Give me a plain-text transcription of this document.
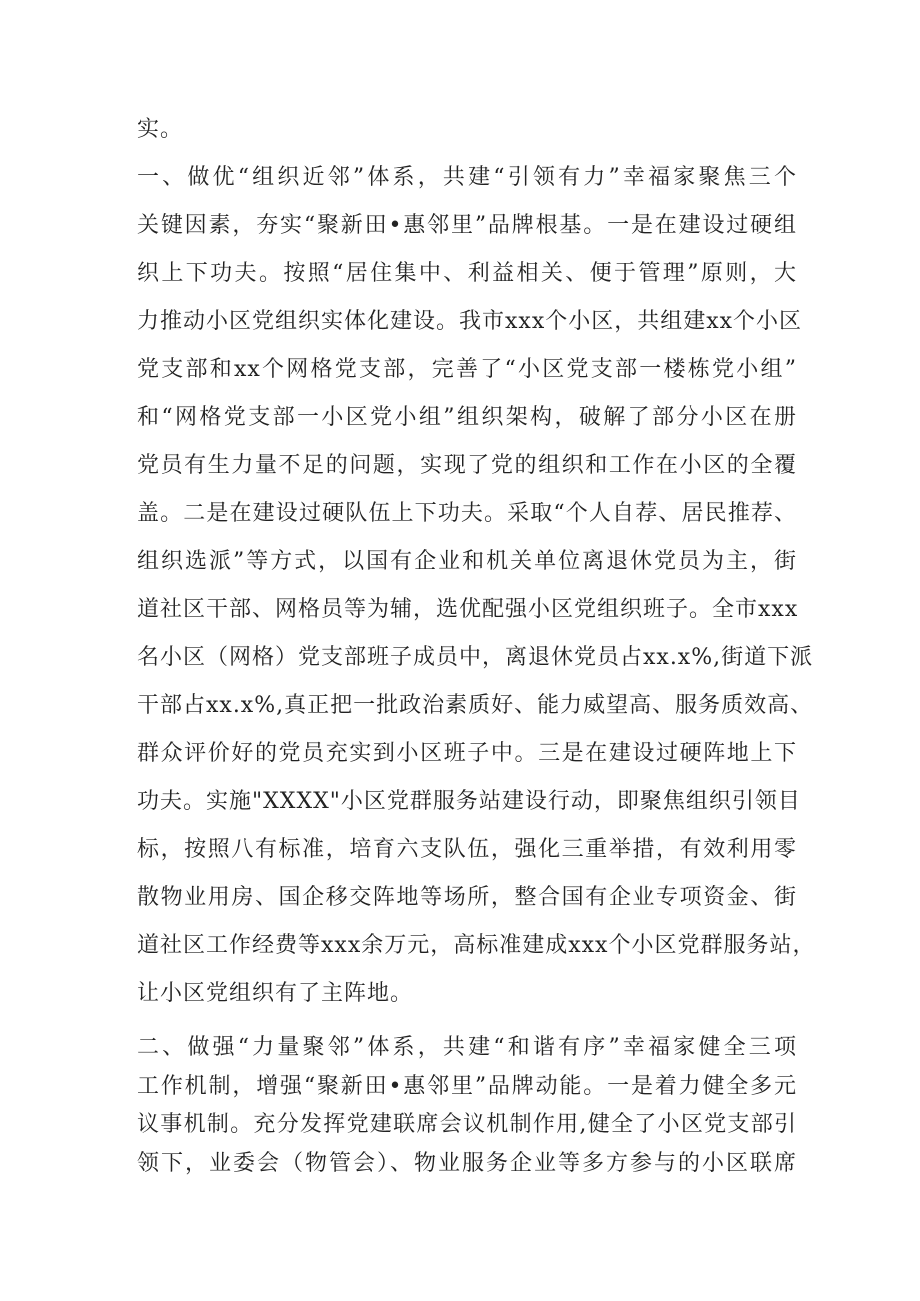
实。
一、做优“组织近邻”体系，共建“引领有力”幸福家聚焦三个
关键因素，夯实“聚新田•惠邻里”品牌根基。一是在建设过硬组
织上下功夫。按照“居住集中、利益相关、便于管理”原则，大
力推动小区党组织实体化建设。我市xxx个小区，共组建xx个小区
党支部和xx个网格党支部，完善了“小区党支部一楼栋党小组”
和“网格党支部一小区党小组”组织架构，破解了部分小区在册
党员有生力量不足的问题，实现了党的组织和工作在小区的全覆
盖。二是在建设过硬队伍上下功夫。采取“个人自荐、居民推荐、
组织选派”等方式，以国有企业和机关单位离退休党员为主，街
道社区干部、网格员等为辅，选优配强小区党组织班子。全市xxx
名小区（网格）党支部班子成员中，离退休党员占xx.x%,街道下派
干部占xx.x%,真正把一批政治素质好、能力威望高、服务质效高、
群众评价好的党员充实到小区班子中。三是在建设过硬阵地上下
功夫。实施"XXXX"小区党群服务站建设行动，即聚焦组织引领目
标，按照八有标准，培育六支队伍，强化三重举措，有效利用零
散物业用房、国企移交阵地等场所，整合国有企业专项资金、街
道社区工作经费等xxx余万元，高标准建成xxx个小区党群服务站，
让小区党组织有了主阵地。
二、做强“力量聚邻”体系，共建“和谐有序”幸福家健全三项
工作机制，增强“聚新田•惠邻里”品牌动能。一是着力健全多元
议事机制。充分发挥党建联席会议机制作用,健全了小区党支部引
领下，业委会（物管会）、物业服务企业等多方参与的小区联席
